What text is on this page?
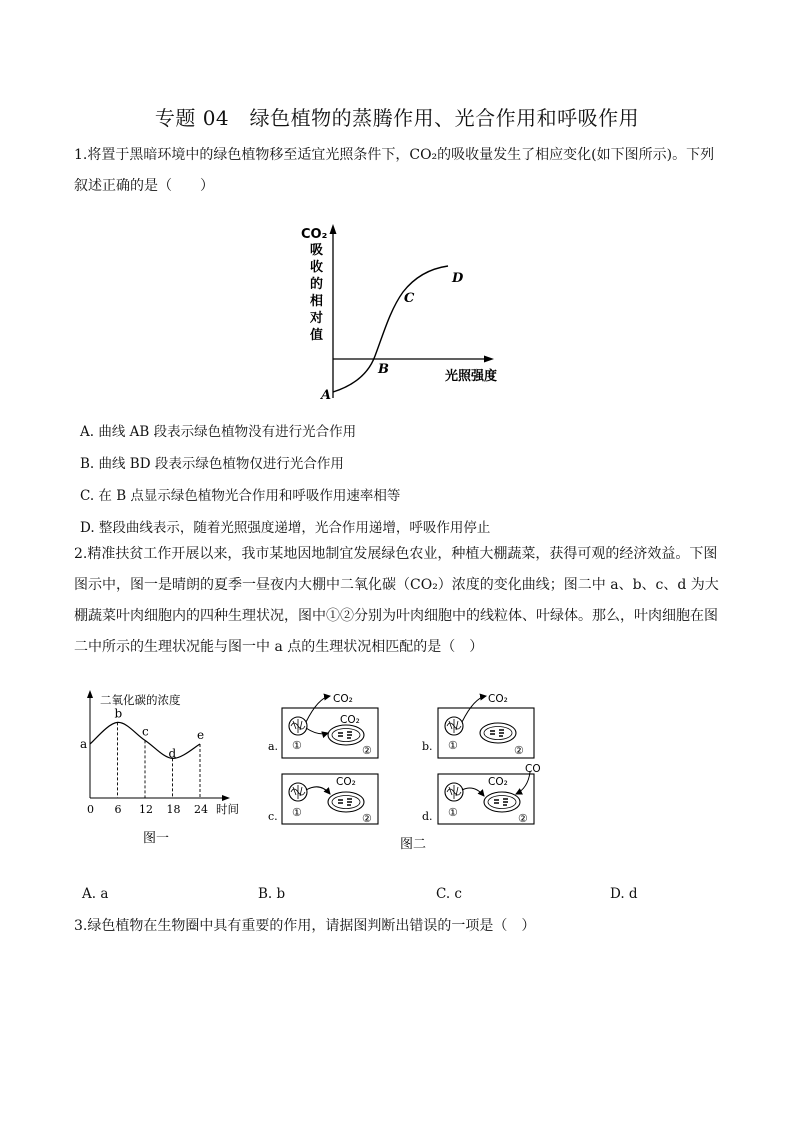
专题 04　绿色植物的蒸腾作用、光合作用和呼吸作用
1.将置于黑暗环境中的绿色植物移至适宜光照条件下，CO₂的吸收量发生了相应变化(如下图所示)。下列叙述正确的是（　　）
CO₂
吸
收
的
相
对
值
光照强度
A
B
C
D
A. 曲线 AB 段表示绿色植物没有进行光合作用
B. 曲线 BD 段表示绿色植物仅进行光合作用
C. 在 B 点显示绿色植物光合作用和呼吸作用速率相等
D. 整段曲线表示，随着光照强度递增，光合作用递增，呼吸作用停止
2.精准扶贫工作开展以来，我市某地因地制宜发展绿色农业，种植大棚蔬菜，获得可观的经济效益。下图图示中，图一是晴朗的夏季一昼夜内大棚中二氧化碳（CO₂）浓度的变化曲线；图二中 a、b、c、d 为大棚蔬菜叶肉细胞内的四种生理状况，图中①②分别为叶肉细胞中的线粒体、叶绿体。那么，叶肉细胞在图二中所示的生理状况能与图一中 a 点的生理状况相匹配的是（　）
二氧化碳的浓度
时间
0 6 12 18 24
a
b
c
d
e
图一
a.
CO₂
CO₂
①	②	b.
CO₂
①	②
c.
CO₂
①	②	d.
CO₂
CO
①	②
图二
A. a	B. b	C. c	D. d
3.绿色植物在生物圈中具有重要的作用，请据图判断出错误的一项是（　）
